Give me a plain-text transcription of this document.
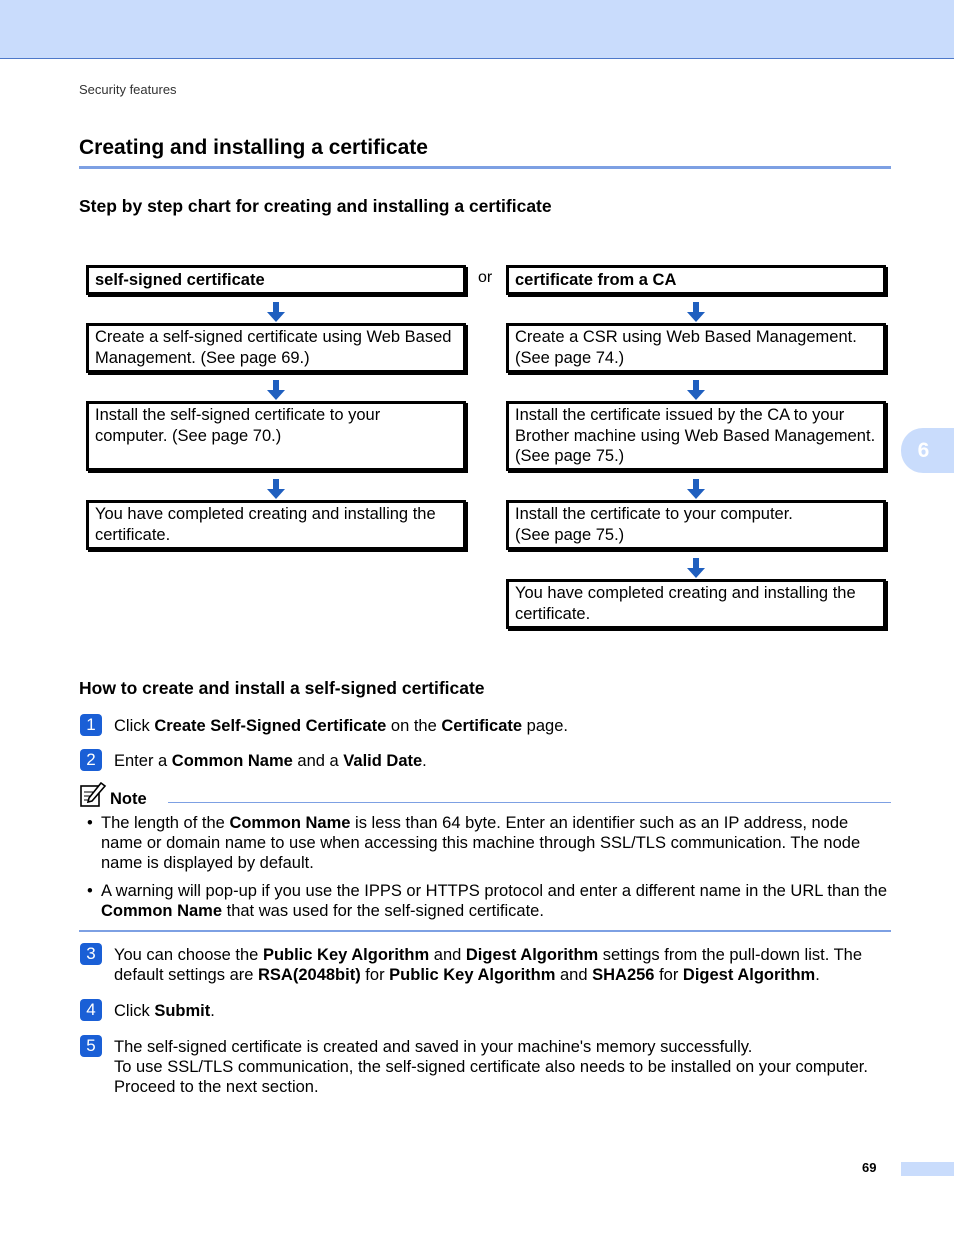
Security features
Creating and installing a certificate
Step by step chart for creating and installing a certificate
self-signed certificate
Create a self-signed certificate using Web Based Management. (See page 69.)
Install the self-signed certificate to your computer. (See page 70.)
You have completed creating and installing the certificate.
or	certificate from a CA
Create a CSR using Web Based Management. (See page 74.)
Install the certificate issued by the CA to your Brother machine using Web Based Management. (See page 75.)
Install the certificate to your computer.
(See page 75.)
You have completed creating and installing the certificate.
How to create and install a self-signed certificate
1	Click Create Self-Signed Certificate on the Certificate page.
2	Enter a Common Name and a Valid Date.
Note
• The length of the Common Name is less than 64 byte. Enter an identifier such as an IP address, node name or domain name to use when accessing this machine through SSL/TLS communication. The node name is displayed by default.
• A warning will pop-up if you use the IPPS or HTTPS protocol and enter a different name in the URL than the Common Name that was used for the self-signed certificate.
3	You can choose the Public Key Algorithm and Digest Algorithm settings from the pull-down list. The default settings are RSA(2048bit) for Public Key Algorithm and SHA256 for Digest Algorithm.
4	Click Submit.
5	The self-signed certificate is created and saved in your machine's memory successfully.
To use SSL/TLS communication, the self-signed certificate also needs to be installed on your computer. Proceed to the next section.
6
69
